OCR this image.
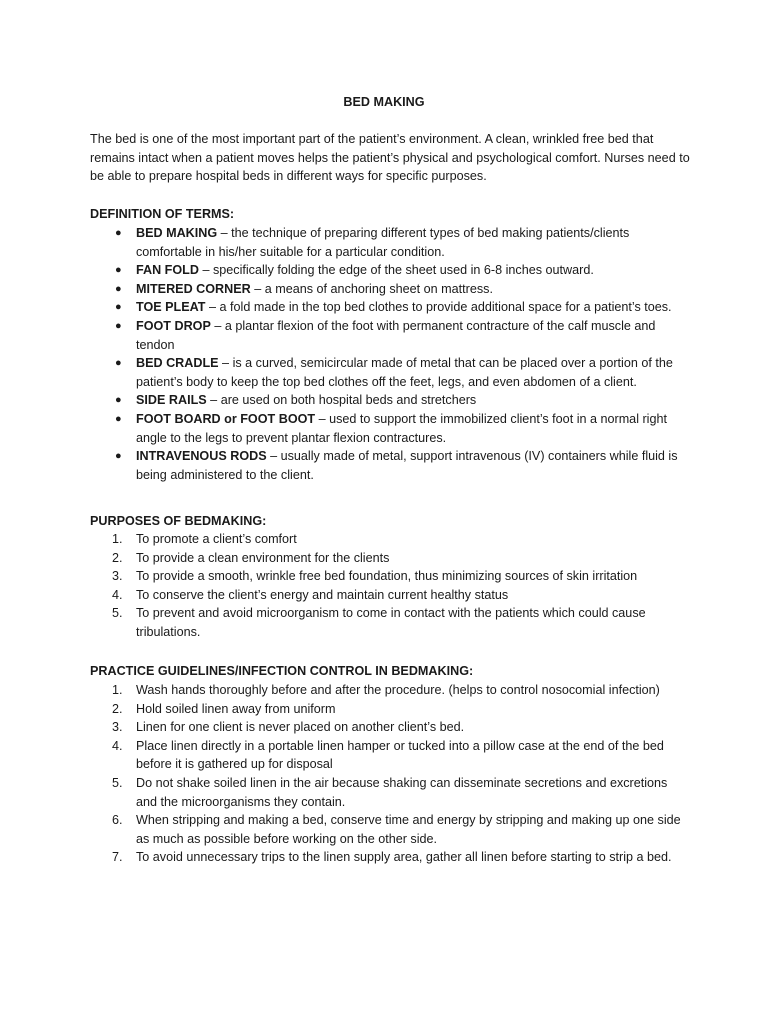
BED MAKING
The bed is one of the most important part of the patient’s environment. A clean, wrinkled free bed that remains intact when a patient moves helps the patient’s physical and psychological comfort. Nurses need to be able to prepare hospital beds in different ways for specific purposes.
DEFINITION OF TERMS:
●	BED MAKING – the technique of preparing different types of bed making patients/clients comfortable in his/her suitable for a particular condition.
●	FAN FOLD – specifically folding the edge of the sheet used in 6-8 inches outward.
●	MITERED CORNER – a means of anchoring sheet on mattress.
●	TOE PLEAT – a fold made in the top bed clothes to provide additional space for a patient’s toes.
●	FOOT DROP – a plantar flexion of the foot with permanent contracture of the calf muscle and tendon
●	BED CRADLE – is a curved, semicircular made of metal that can be placed over a portion of the patient’s body to keep the top bed clothes off the feet, legs, and even abdomen of a client.
●	SIDE RAILS – are used on both hospital beds and stretchers
●	FOOT BOARD or FOOT BOOT – used to support the immobilized client’s foot in a normal right angle to the legs to prevent plantar flexion contractures.
●	INTRAVENOUS RODS – usually made of metal, support intravenous (IV) containers while fluid is being administered to the client.
PURPOSES OF BEDMAKING:
1.	To promote a client’s comfort
2.	To provide a clean environment for the clients
3.	To provide a smooth, wrinkle free bed foundation, thus minimizing sources of skin irritation
4.	To conserve the client’s energy and maintain current healthy status
5.	To prevent and avoid microorganism to come in contact with the patients which could cause tribulations.
PRACTICE GUIDELINES/INFECTION CONTROL IN BEDMAKING:
1.	Wash hands thoroughly before and after the procedure. (helps to control nosocomial infection)
2.	Hold soiled linen away from uniform
3.	Linen for one client is never placed on another client’s bed.
4.	Place linen directly in a portable linen hamper or tucked into a pillow case at the end of the bed before it is gathered up for disposal
5.	Do not shake soiled linen in the air because shaking can disseminate secretions and excretions and the microorganisms they contain.
6.	When stripping and making a bed, conserve time and energy by stripping and making up one side as much as possible before working on the other side.
7.	To avoid unnecessary trips to the linen supply area, gather all linen before starting to strip a bed.
